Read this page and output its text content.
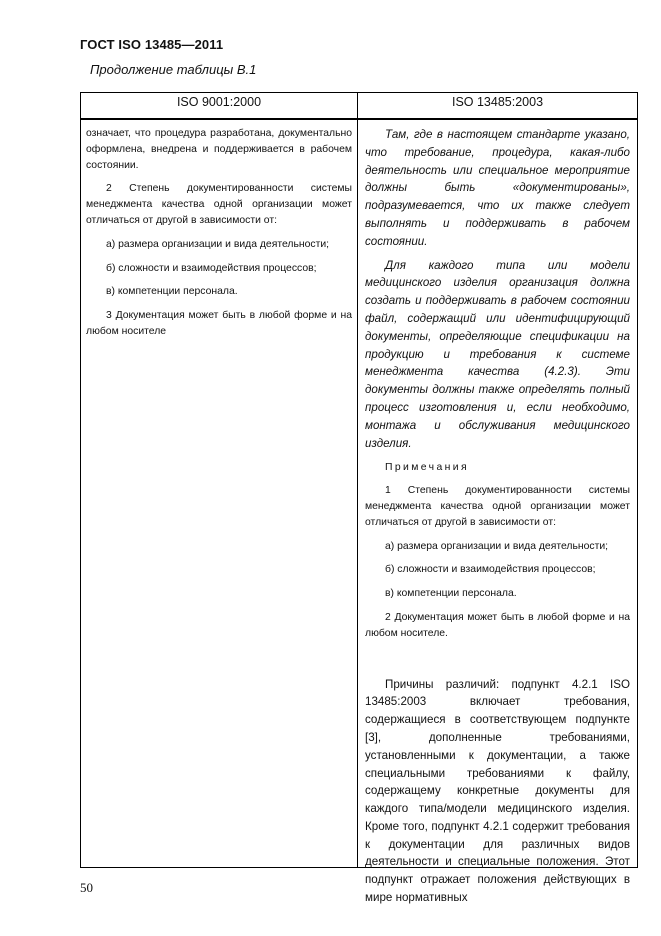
ГОСТ ISO 13485—2011
Продолжение таблицы В.1
ISO 9001:2000	ISO 13485:2003

означает, что процедура разработана, документально оформлена, внедрена и поддерживается в рабочем состоянии.

2 Степень документированности системы менеджмента качества одной организации может отличаться от другой в зависимости от:

а) размера организации и вида деятельности;

б) сложности и взаимодействия процессов;

в) компетенции персонала.

3 Документация может быть в любой форме и на любом носителе

Там, где в настоящем стандарте указано, что требование, процедура, какая-либо деятельность или специальное мероприятие должны быть «документированы», подразумевается, что их также следует выполнять и поддерживать в рабочем состоянии.

Для каждого типа или модели медицинского изделия организация должна создать и поддерживать в рабочем состоянии файл, содержащий или идентифицирующий документы, определяющие спецификации на продукцию и требования к системе менеджмента качества (4.2.3). Эти документы должны также определять полный процесс изготовления и, если необходимо, монтажа и обслуживания медицинского изделия.

Примечания

1 Степень документированности системы менеджмента качества одной организации может отличаться от другой в зависимости от:

а) размера организации и вида деятельности;

б) сложности и взаимодействия процессов;

в) компетенции персонала.

2 Документация может быть в любой форме и на любом носителе.

Причины различий: подпункт 4.2.1 ISO 13485:2003 включает требования, содержащиеся в соответствующем подпункте [3], дополненные требованиями, установленными к документации, а также специальными требованиями к файлу, содержащему конкретные документы для каждого типа/модели медицинского изделия. Кроме того, подпункт 4.2.1 содержит требования к документации для различных видов деятельности и специальные положения. Этот подпункт отражает положения действующих в мире нормативных

50
